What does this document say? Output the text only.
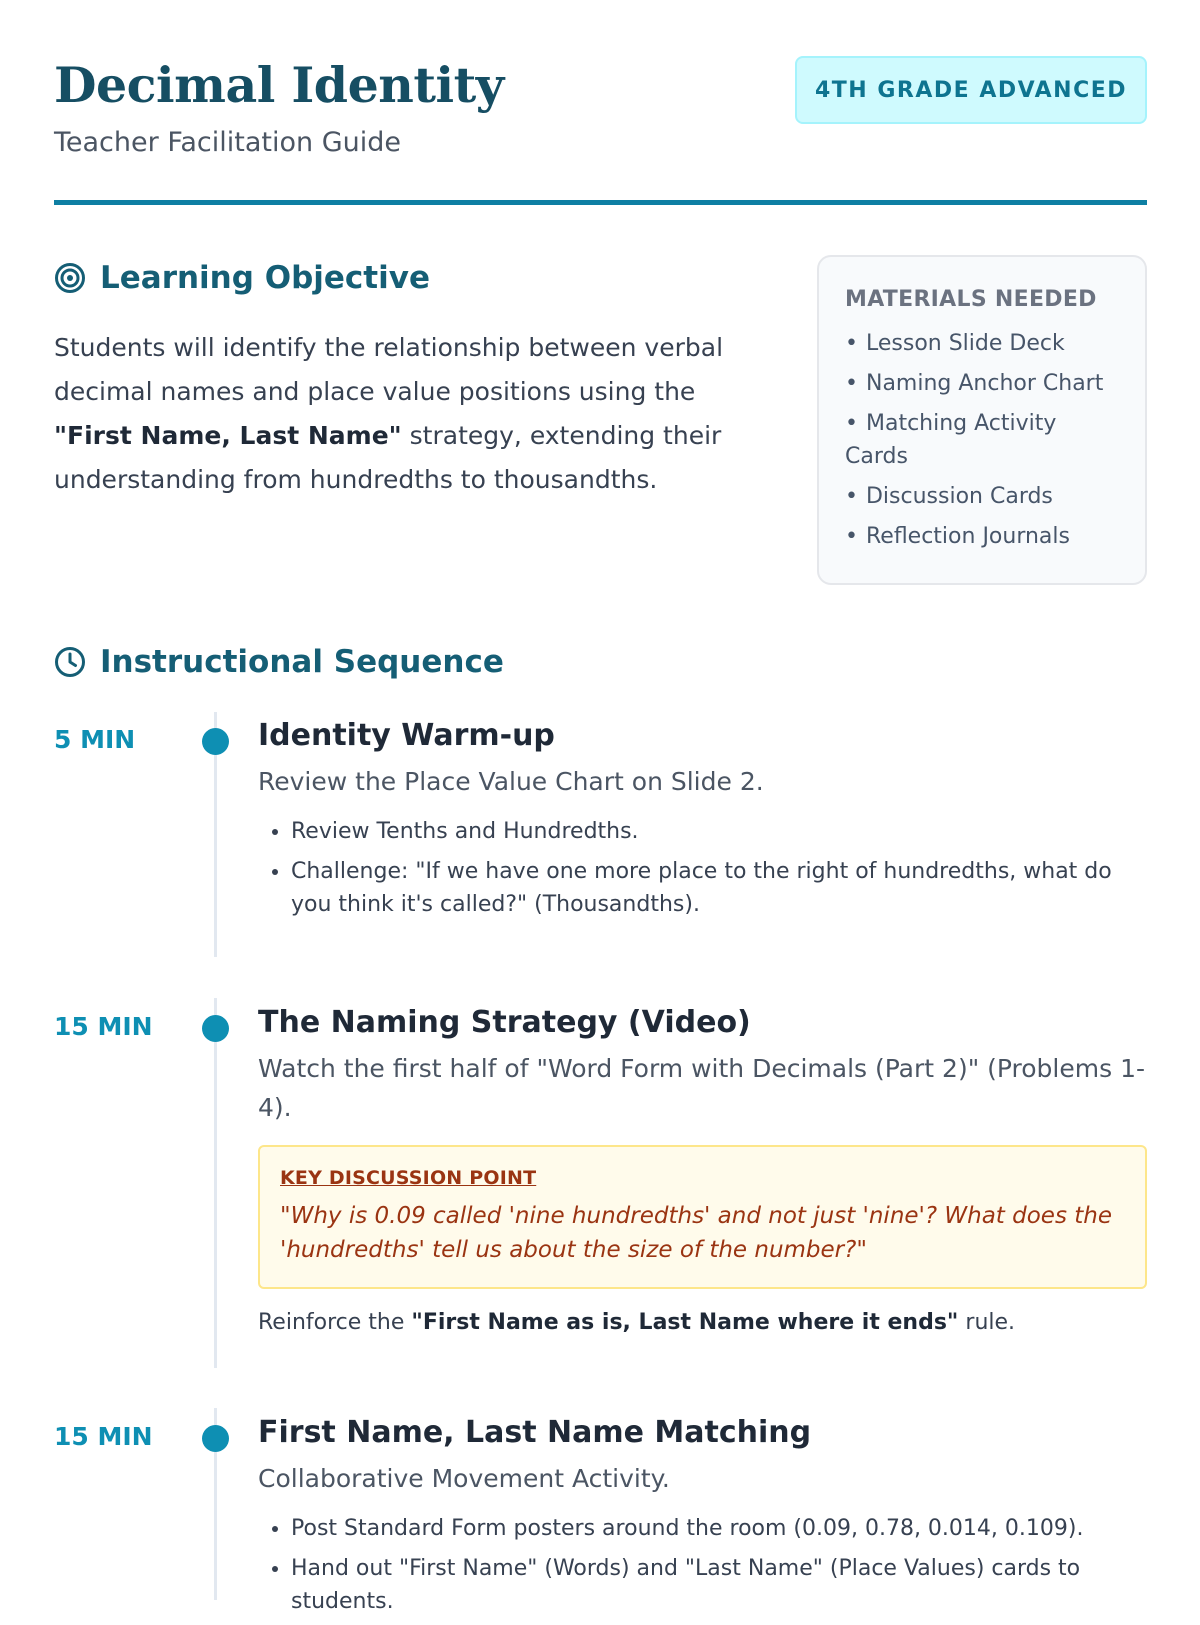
Decimal Identity
Teacher Facilitation Guide
4TH GRADE ADVANCED
Learning Objective

Students will identify the relationship between verbal decimal names and place value positions using the "First Name, Last Name" strategy, extending their understanding from hundredths to thousandths.

MATERIALS NEEDED
• Lesson Slide Deck
• Naming Anchor Chart
• Matching Activity Cards
• Discussion Cards
• Reflection Journals
Instructional Sequence
5 MIN	Identity Warm-up

Review the Place Value Chart on Slide 2.

• Review Tenths and Hundredths.
• Challenge: "If we have one more place to the right of hundredths, what do you think it's called?" (Thousandths).
15 MIN	The Naming Strategy (Video)

Watch the first half of "Word Form with Decimals (Part 2)" (Problems 1-4).

KEY DISCUSSION POINT

"Why is 0.09 called 'nine hundredths' and not just 'nine'? What does the 'hundredths' tell us about the size of the number?"

Reinforce the "First Name as is, Last Name where it ends" rule.

15 MIN	First Name, Last Name Matching

Collaborative Movement Activity.

• Post Standard Form posters around the room (0.09, 0.78, 0.014, 0.109).
• Hand out "First Name" (Words) and "Last Name" (Place Values) cards to students.
